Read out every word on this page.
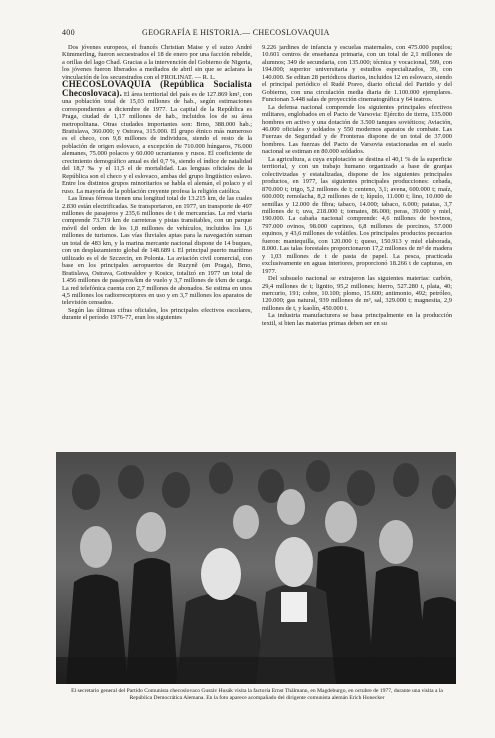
400	GEOGRAFÍA E HISTORIA.— CHECOSLOVAQUIA

Dos jóvenes europeos, el francés Christian Maise y el suizo André Kümmerling, fueron secuestrados el 18 de enero por una facción rebelde, a orillas del lago Chad. Gracias a la intervención del Gobierno de Nigeria, los jóvenes fueron liberados a mediados de abril sin que se aclarara la vinculación de los secuestrados con el FROLINAT. — R. L.

CHECOSLOVAQUIA (República Socialista Checoslovaca). El área territorial del país es de 127.869 km², con una población total de 15,03 millones de hab., según estimaciones correspondientes a diciembre de 1977. La capital de la República es Praga, ciudad de 1,17 millones de hab., incluidos los de su área metropolitana. Otras ciudades importantes son: Brno, 388.000 hab.; Bratislava, 360.000; y Ostrava, 315.000. El grupo étnico más numeroso es el checo, con 9,8 millones de individuos, siendo el resto de la población de origen eslovaco, a excepción de 710.000 húngaros, 76.000 alemanes, 75.000 polacos y 60.000 ucranianos y rusos. El coeficiente de crecimiento demográfico anual es del 0,7 %, siendo el índice de natalidad del 18,7 ‰ y el 11,5 el de mortalidad. Las lenguas oficiales de la República son el checo y el eslovaco, ambas del grupo lingüístico eslavo. Entre los distintos grupos minoritarios se habla el alemán, el polaco y el ruso. La mayoría de la población creyente profesa la religión católica.

Las líneas férreas tienen una longitud total de 13.215 km, de las cuales 2.830 están electrificadas. Se transportaron, en 1977, un transporte de 497 millones de pasajeros y 235,6 millones de t de mercancías. La red viaria comprende 73.719 km de carreteras y pistas transitables, con un parque móvil del orden de los 1,8 millones de vehículos, incluidos los 1,6 millones de turismos. Las vías fluviales aptas para la navegación suman un total de 483 km, y la marina mercante nacional dispone de 14 buques, con un desplazamiento global de 148.689 t. El principal puerto marítimo utilizado es el de Szczecin, en Polonia. La aviación civil comercial, con base en los principales aeropuertos de Ruzyně (en Praga), Brno, Bratislava, Ostrava, Gottwaldov y Kosice, totalizó en 1977 un total de 1.456 millones de pasajeros/km de vuelo y 3,7 millones de t/km de carga. La red telefónica cuenta con 2,7 millones de abonados. Se estima en unos 4,5 millones los radiorreceptores en uso y en 3,7 millones los aparatos de televisión censados.

Según las últimas cifras oficiales, los principales efectivos escolares, durante el período 1976-77, eran los siguientes

9.226 jardines de infancia y escuelas maternales, con 475.000 pupilos; 10.601 centros de enseñanza primaria, con un total de 2,1 millones de alumnos; 349 de secundaria, con 135.000; técnica y vocacional, 599, con 194.000; superior universitaria y estudios especializados, 39, con 140.000. Se editan 28 periódicos diarios, incluidos 12 en eslovaco, siendo el principal periódico el Rudé Pravo, diario oficial del Partido y del Gobierno, con una circulación media diaria de 1.100.000 ejemplares. Funcionan 3.448 salas de proyección cinematográfica y 64 teatros.

La defensa nacional comprende los siguientes principales efectivos militares, englobados en el Pacto de Varsovia: Ejército de tierra, 135.000 hombres en activo y una dotación de 3.500 tanques soviéticos; Aviación, 46.000 oficiales y soldados y 550 modernos aparatos de combate. Las Fuerzas de Seguridad y de Fronteras dispone de un total de 37.000 hombres. Las fuerzas del Pacto de Varsovia estacionadas en el suelo nacional se estiman en 80.000 soldados.

La agricultura, a cuya explotación se destina el 40,1 % de la superficie territorial, y con un trabajo humano organizado a base de granjas colectivizadas y estatalizadas, dispone de los siguientes principales productos, en 1977, las siguientes principales producciones: cebada, 870.000 t; trigo, 5,2 millones de t; centeno, 3,1; avena, 600.000 t; maíz, 600.000; remolacha, 8,2 millones de t; lúpulo, 11.000 t; lino, 10.000 de semillas y 12.000 de fibra; tabaco, 14.000; tabaco, 6.000; patatas, 3,7 millones de t; uva, 218.000 t; tomates, 86.000; peras, 39.000 y miel, 190.000. La cabaña nacional comprende: 4,6 millones de bovinos, 797.000 ovinos, 98.000 caprinos, 6,8 millones de porcinos, 57.000 equinos, y 43,6 millones de volátiles. Los principales productos pecuarios fueron: mantequilla, con 120.000 t; queso, 150.913 y miel elaborada, 8.000. Las talas forestales proporcionaron 17,2 millones de m³ de madera y 1,03 millones de t de pasta de papel. La pesca, practicada exclusivamente en aguas interiores, proporcionó 18.266 t de capturas, en 1977.

Del subsuelo nacional se extrajeron las siguientes materias: carbón, 29,4 millones de t; lignito, 95,2 millones; hierro, 527.280 t, plata, 40; mercurio, 191; cobre, 10.100; plomo, 15.600; antimonio, 492; petróleo, 120.000; gas natural, 939 millones de m³, sal, 329.000 t; magnesita, 2,9 millones de t, y kaolín, 450.000 t.

La industria manufacturera se basa principalmente en la producción textil, si bien las materias primas deben ser en su

El secretario general del Partido Comunista checoslovaco Gustáv Husák visita la factoría Ernst Thälmann, en Magdeburgo, en octubre de 1977, durante una visita a la República Democrática Alemana. En la foto aparece acompañado del dirigente comunista alemán Erich Honecker
